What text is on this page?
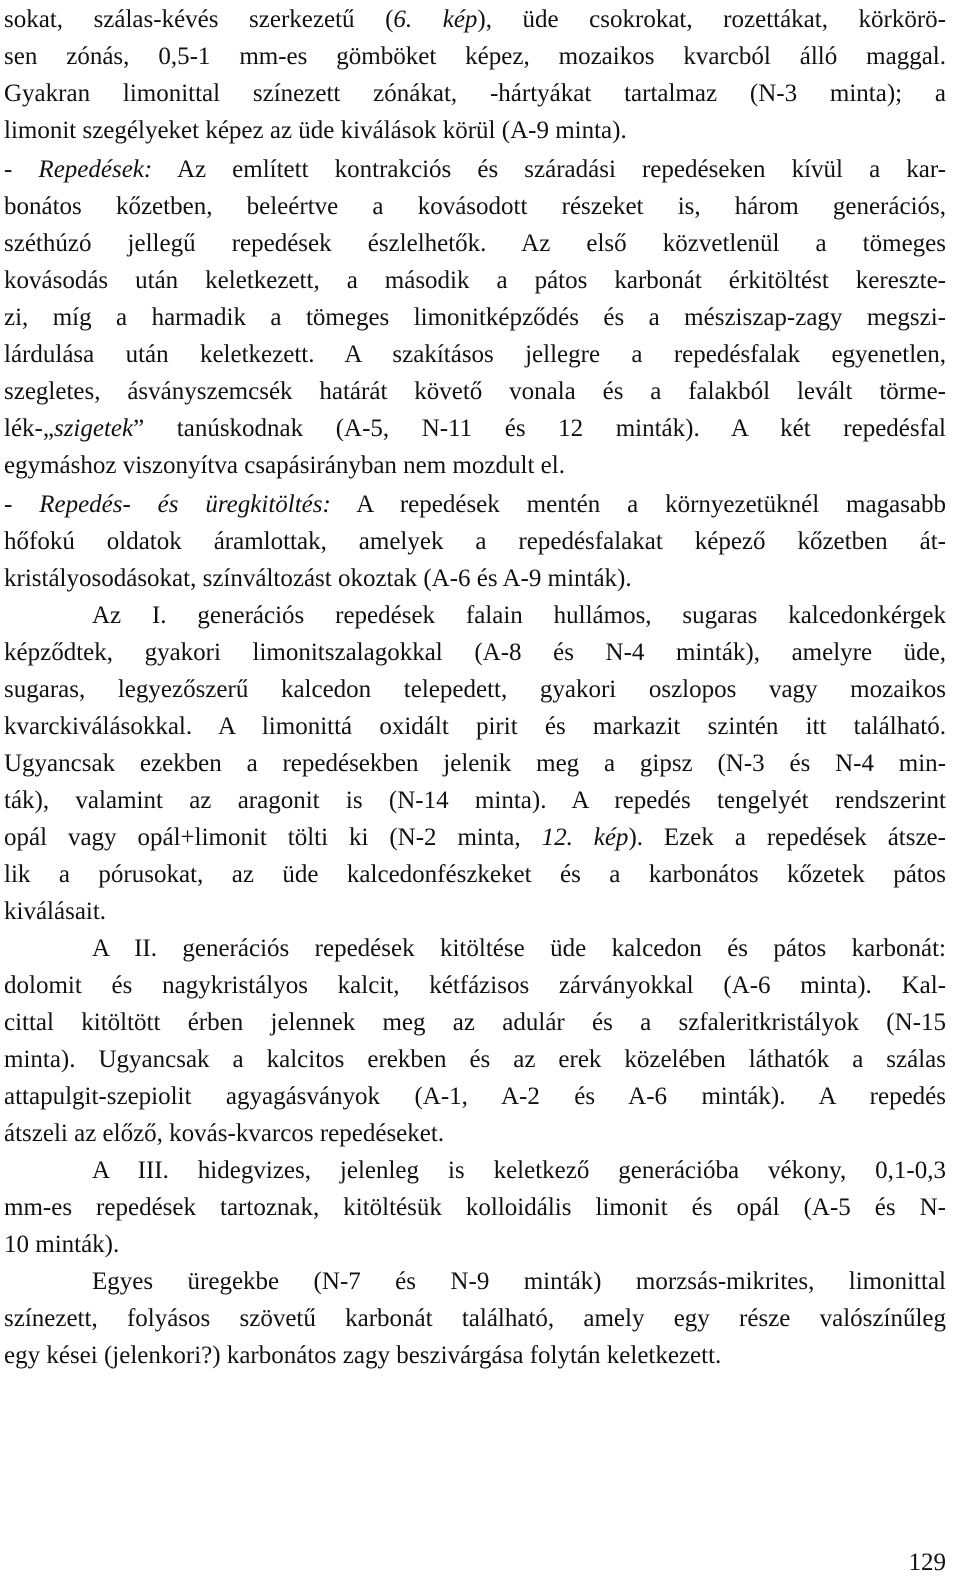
sokat, szálas-kévés szerkezetű (6. kép), üde csokrokat, rozettákat, körkörö-
sen zónás, 0,5-1 mm-es gömböket képez, mozaikos kvarcból álló maggal.
Gyakran limonittal színezett zónákat, -hártyákat tartalmaz (N-3 minta); a
limonit szegélyeket képez az üde kiválások körül (A-9 minta).
- Repedések: Az említett kontrakciós és száradási repedéseken kívül a kar-
bonátos kőzetben, beleértve a kovásodott részeket is, három generációs,
széthúzó jellegű repedések észlelhetők. Az első közvetlenül a tömeges
kovásodás után keletkezett, a második a pátos karbonát érkitöltést kereszte-
zi, míg a harmadik a tömeges limonitképződés és a mésziszap-zagy megszi-
lárdulása után keletkezett. A szakításos jellegre a repedésfalak egyenetlen,
szegletes, ásványszemcsék határát követő vonala és a falakból levált törme-
lék-„szigetek” tanúskodnak (A-5, N-11 és 12 minták). A két repedésfal
egymáshoz viszonyítva csapásirányban nem mozdult el.
- Repedés- és üregkitöltés: A repedések mentén a környezetüknél magasabb
hőfokú oldatok áramlottak, amelyek a repedésfalakat képező kőzetben át-
kristályosodásokat, színváltozást okoztak (A-6 és A-9 minták).
Az I. generációs repedések falain hullámos, sugaras kalcedonkérgek
képződtek, gyakori limonitszalagokkal (A-8 és N-4 minták), amelyre üde,
sugaras, legyezőszerű kalcedon telepedett, gyakori oszlopos vagy mozaikos
kvarckiválásokkal. A limonittá oxidált pirit és markazit szintén itt található.
Ugyancsak ezekben a repedésekben jelenik meg a gipsz (N-3 és N-4 min-
ták), valamint az aragonit is (N-14 minta). A repedés tengelyét rendszerint
opál vagy opál+limonit tölti ki (N-2 minta, 12. kép). Ezek a repedések átsze-
lik a pórusokat, az üde kalcedonfészkeket és a karbonátos kőzetek pátos
kiválásait.
A II. generációs repedések kitöltése üde kalcedon és pátos karbonát:
dolomit és nagykristályos kalcit, kétfázisos zárványokkal (A-6 minta). Kal-
cittal kitöltött érben jelennek meg az adulár és a szfaleritkristályok (N-15
minta). Ugyancsak a kalcitos erekben és az erek közelében láthatók a szálas
attapulgit-szepiolit agyagásványok (A-1, A-2 és A-6 minták). A repedés
átszeli az előző, kovás-kvarcos repedéseket.
A III. hidegvizes, jelenleg is keletkező generációba vékony, 0,1-0,3
mm-es repedések tartoznak, kitöltésük kolloidális limonit és opál (A-5 és N-
10 minták).
Egyes üregekbe (N-7 és N-9 minták) morzsás-mikrites, limonittal
színezett, folyásos szövetű karbonát található, amely egy része valószínűleg
egy kései (jelenkori?) karbonátos zagy beszivárgása folytán keletkezett.
129
